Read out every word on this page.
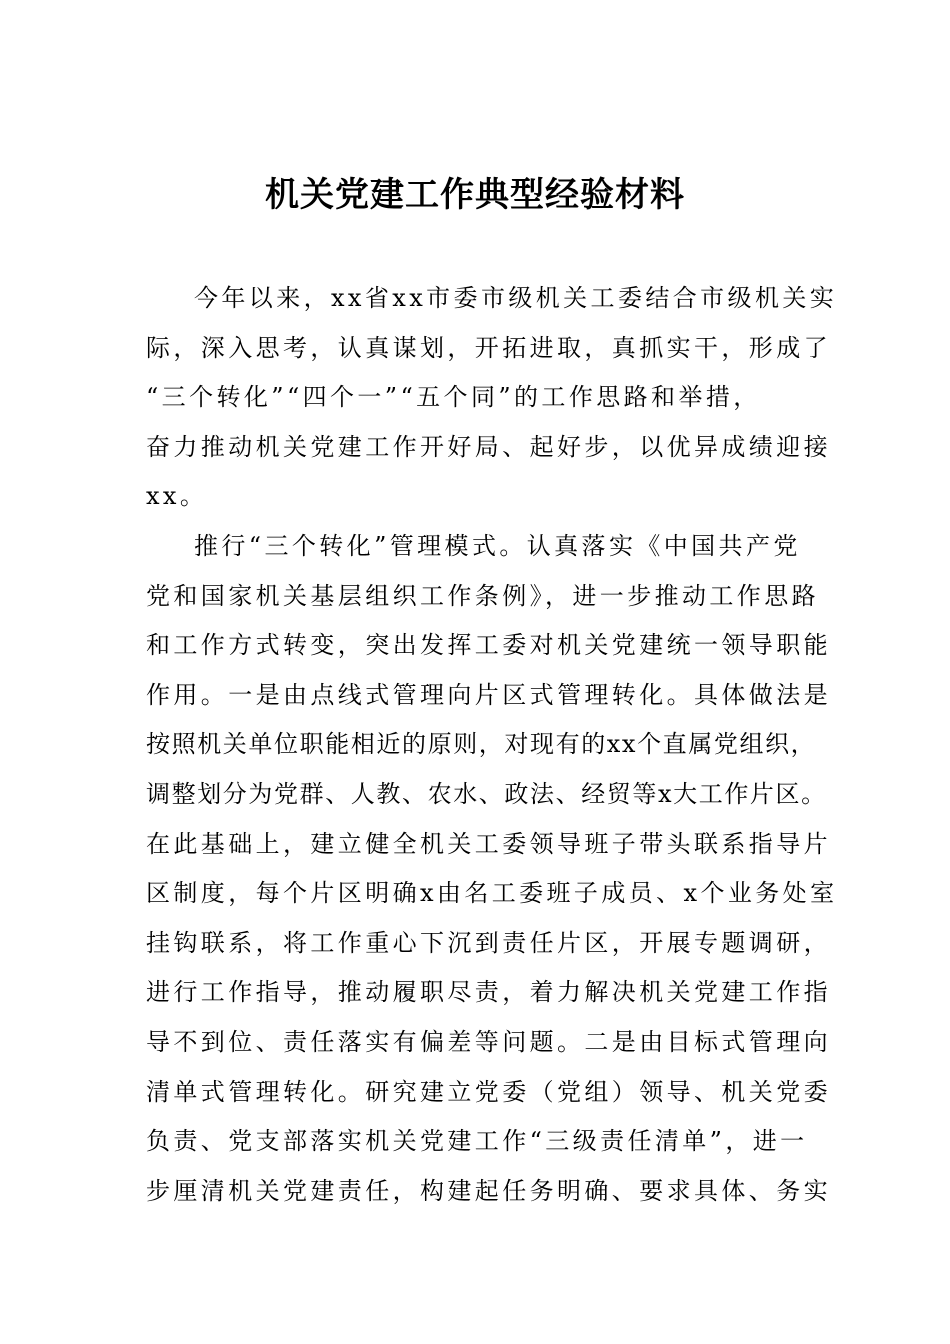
机关党建工作典型经验材料
今年以来，xx省xx市委市级机关工委结合市级机关实
际，深入思考，认真谋划，开拓进取，真抓实干，形成了
“三个转化”“四个一”“五个同”的工作思路和举措，
奋力推动机关党建工作开好局、起好步，以优异成绩迎接
xx。
推行“三个转化”管理模式。认真落实《中国共产党
党和国家机关基层组织工作条例》，进一步推动工作思路
和工作方式转变，突出发挥工委对机关党建统一领导职能
作用。一是由点线式管理向片区式管理转化。具体做法是
按照机关单位职能相近的原则，对现有的xx个直属党组织，
调整划分为党群、人教、农水、政法、经贸等x大工作片区。
在此基础上，建立健全机关工委领导班子带头联系指导片
区制度，每个片区明确x由名工委班子成员、x个业务处室
挂钩联系，将工作重心下沉到责任片区，开展专题调研，
进行工作指导，推动履职尽责，着力解决机关党建工作指
导不到位、责任落实有偏差等问题。二是由目标式管理向
清单式管理转化。研究建立党委（党组）领导、机关党委
负责、党支部落实机关党建工作“三级责任清单”，进一
步厘清机关党建责任，构建起任务明确、要求具体、务实
